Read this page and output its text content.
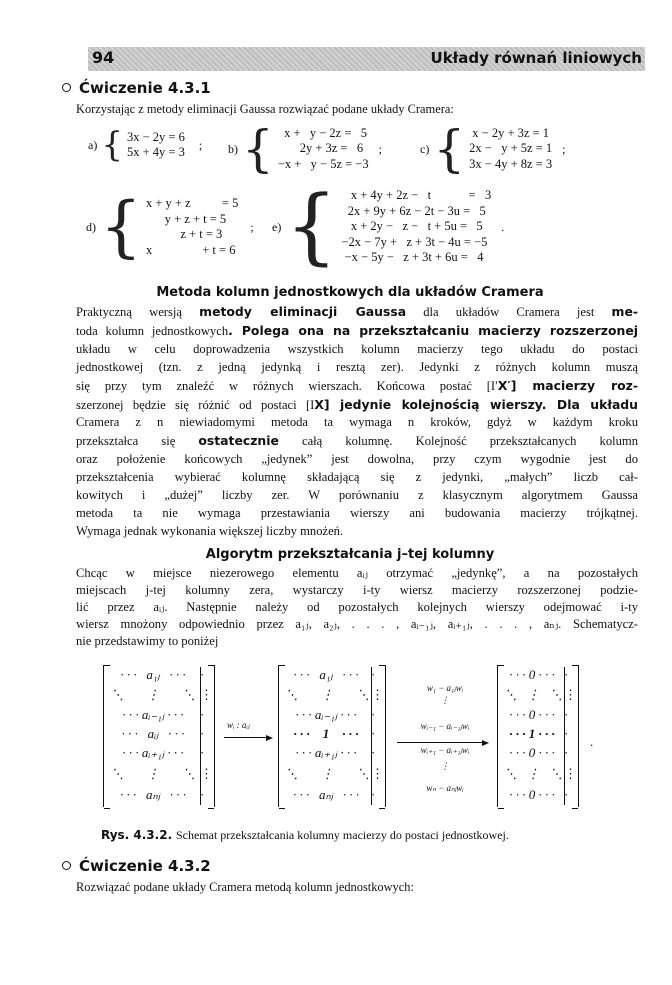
94	Układy równań liniowych
Ćwiczenie 4.3.1
Korzystając z metody eliminacji Gaussa rozwiązać podane układy Cramera:
a) { 3x − 2y = 6
5x + 4y = 3
; b) { x +   y − 2z =   5
2y + 3z =   6
−x +   y − 5z = −3
;	c) { x − 2y + 3z = 1
2x −   y + 5z = 1
3x − 4y + 8z = 3
;
d) { x + y + z          = 5
y + z + t = 5
z + t = 3
x                + t = 6
; e) { x + 4y + 2z −   t            =   3
2x + 9y + 6z − 2t − 3u =   5
x + 2y −   z −   t + 5u =   5
−2x − 7y +   z + 3t − 4u = −5
−x − 5y −   z + 3t + 6u =   4
.
Metoda kolumn jednostkowych dla układów Cramera
Praktyczną wersją metody eliminacji Gaussa dla układów Cramera jest me-
toda kolumn jednostkowych. Polega ona na przekształcaniu macierzy rozszerzonej
układu w celu doprowadzenia wszystkich kolumn macierzy tego układu do postaci
jednostkowej (tzn. z jedną jedynką i resztą zer). Jedynki z różnych kolumn muszą
się przy tym znaleźć w różnych wierszach. Końcowa postać [I′X′] macierzy roz-
szerzonej będzie się różnić od postaci [IX] jedynie kolejnością wierszy. Dla układu
Cramera z n niewiadomymi metoda ta wymaga n kroków, gdyż w każdym kroku
przekształca się ostatecznie całą kolumnę. Kolejność przekształcanych kolumn
oraz położenie końcowych „jedynek” jest dowolna, przy czym wygodnie jest do
przekształcenia wybierać kolumnę składającą się z jedynki, „małych” liczb cał-
kowitych i „dużej” liczby zer. W porównaniu z klasycznym algorytmem Gaussa
metoda ta nie wymaga przestawiania wierszy ani budowania macierzy trójkątnej.
Wymaga jednak wykonania większej liczby mnożeń.
Algorytm przekształcania j–tej kolumny
Chcąc w miejsce niezerowego elementu aᵢⱼ otrzymać „jedynkę”, a na pozostałych
miejscach j-tej kolumny zera, wystarczy i-ty wiersz macierzy rozszerzonej podzie-
lić przez aᵢⱼ. Następnie należy od pozostałych kolejnych wierszy odejmować i-ty
wiersz mnożony odpowiednio przez a₁ⱼ, a₂ⱼ, . . . , aᵢ₋₁ⱼ, aᵢ₊₁ⱼ, . . . , aₙⱼ. Schematycz-
nie przedstawimy to poniżej
· · ·   a₁ⱼ   · · ·	·
⋱       ⋮       ⋱ ⋮
· · · aᵢ₋₁ⱼ · · ·	·
· · ·   aᵢⱼ   · · ·	·
· · · aᵢ₊₁ⱼ · · ·	·
⋱       ⋮       ⋱ ⋮
· · ·   aₙⱼ   · · ·	·
wᵢ : aᵢⱼ
· · ·   a₁ⱼ   · · · ·
⋱       ⋮       ⋱ ⋮
· · · aᵢ₋₁ⱼ · · ·	·
· · ·    1    · · · ·
· · · aᵢ₊₁ⱼ · · ·	·
⋱       ⋮       ⋱ ⋮
· · ·   aₙⱼ   · · · ·
w₁ − a₁ⱼwᵢ
⋮
wᵢ₋₁ − aᵢ₋₁ⱼwᵢ
wᵢ₊₁ − aᵢ₊₁ⱼwᵢ
⋮
wₙ − aₙⱼwᵢ
· · · 0 · · · ·
⋱   ⋮   ⋱ ⋮
· · · 0 · · · ·
· · · 1 · · · ·
· · · 0 · · · ·
⋱   ⋮   ⋱ ⋮
· · · 0 · · · ·
.
Rys. 4.3.2. Schemat przekształcania kolumny macierzy do postaci jednostkowej.
Ćwiczenie 4.3.2
Rozwiązać podane układy Cramera metodą kolumn jednostkowych:
